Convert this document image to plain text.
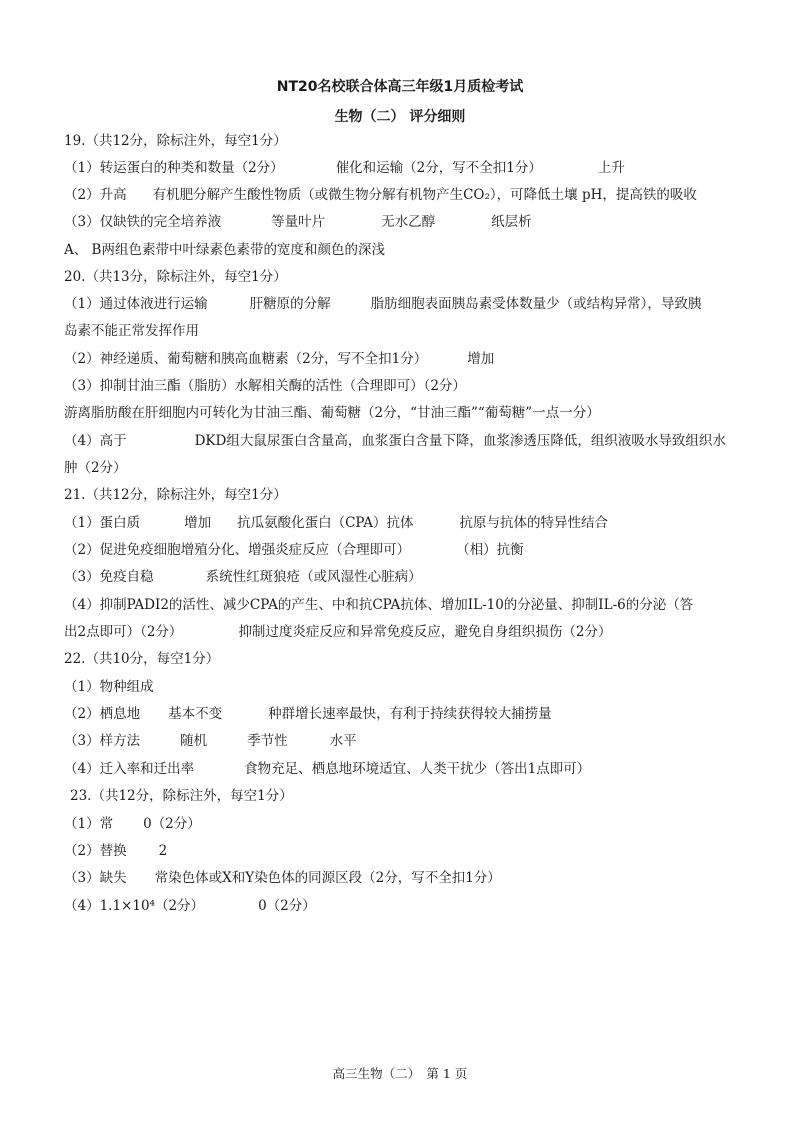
NT20名校联合体高三年级1月质检考试
生物（二） 评分细则
19.（共12分，除标注外，每空1分）
（1）转运蛋白的种类和数量（2分）	催化和运输（2分，写不全扣1分）	上升
（2）升高 有机肥分解产生酸性物质（或微生物分解有机物产生CO₂），可降低土壤 pH，提高铁的吸收
（3）仅缺铁的完全培养液	等量叶片	无水乙醇	纸层析
A、 B两组色素带中叶绿素色素带的宽度和颜色的深浅
20.（共13分，除标注外，每空1分）
（1）通过体液进行运输	肝糖原的分解	脂肪细胞表面胰岛素受体数量少（或结构异常），导致胰
岛素不能正常发挥作用
（2）神经递质、葡萄糖和胰高血糖素（2分，写不全扣1分）	增加
（3）抑制甘油三酯（脂肪）水解相关酶的活性（合理即可）（2分）
游离脂肪酸在肝细胞内可转化为甘油三酯、葡萄糖（2分，“甘油三酯”“葡萄糖”一点一分）
（4）高于	DKD组大鼠尿蛋白含量高，血浆蛋白含量下降，血浆渗透压降低，组织液吸水导致组织水
肿（2分）
21.（共12分，除标注外，每空1分）
（1）蛋白质	增加 抗瓜氨酸化蛋白（CPA）抗体	抗原与抗体的特异性结合
（2）促进免疫细胞增殖分化、增强炎症反应（合理即可）	（相）抗衡
（3）免疫自稳	系统性红斑狼疮（或风湿性心脏病）
（4）抑制PADI2的活性、减少CPA的产生、中和抗CPA抗体、增加IL-10的分泌量、抑制IL-6的分泌（答
出2点即可）（2分）	抑制过度炎症反应和异常免疫反应，避免自身组织损伤（2分）
22.（共10分，每空1分）
（1）物种组成
（2）栖息地 基本不变	种群增长速率最快，有利于持续获得较大捕捞量
（3）样方法	随机	季节性	水平
（4）迁入率和迁出率	食物充足、栖息地环境适宜、人类干扰少（答出1点即可）
23.（共12分，除标注外，每空1分）
（1）常 0（2分）
（2）替换 2
（3）缺失 常染色体或X和Y染色体的同源区段（2分，写不全扣1分）
（4）1.1×10⁴（2分）	0（2分）
高三生物（二）　第 1 页
